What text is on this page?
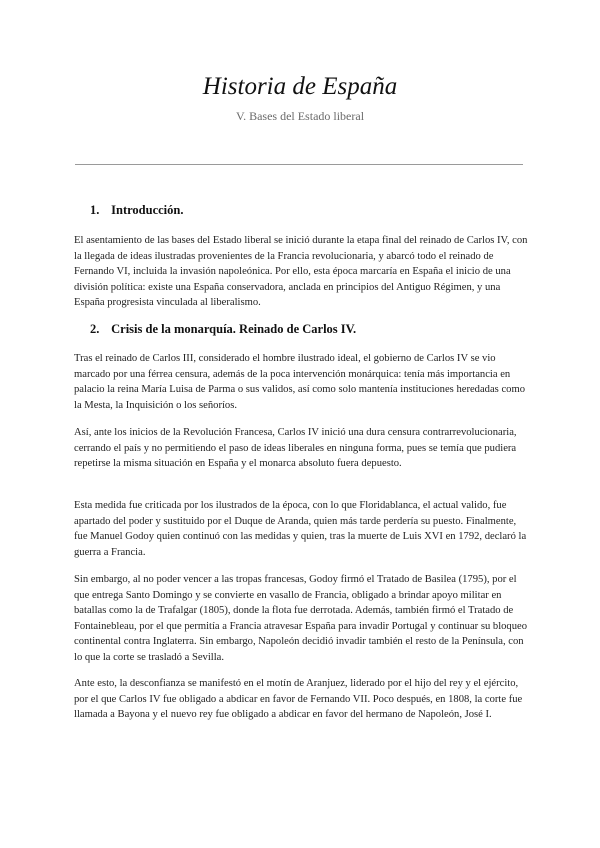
Historia de España
V. Bases del Estado liberal
1. Introducción.
El asentamiento de las bases del Estado liberal se inició durante la etapa final del reinado de Carlos IV, con la llegada de ideas ilustradas provenientes de la Francia revolucionaria, y abarcó todo el reinado de Fernando VI, incluida la invasión napoleónica. Por ello, esta época marcaría en España el inicio de una división política: existe una España conservadora, anclada en principios del Antiguo Régimen, y una España progresista vinculada al liberalismo.
2. Crisis de la monarquía. Reinado de Carlos IV.
Tras el reinado de Carlos III, considerado el hombre ilustrado ideal, el gobierno de Carlos IV se vio marcado por una férrea censura, además de la poca intervención monárquica: tenía más importancia en palacio la reina María Luisa de Parma o sus validos, así como solo mantenía instituciones heredadas como la Mesta, la Inquisición o los señoríos.
Así, ante los inicios de la Revolución Francesa, Carlos IV inició una dura censura contrarrevolucionaria, cerrando el país y no permitiendo el paso de ideas liberales en ninguna forma, pues se temía que pudiera repetirse la misma situación en España y el monarca absoluto fuera depuesto.
Esta medida fue criticada por los ilustrados de la época, con lo que Floridablanca, el actual valido, fue apartado del poder y sustituido por el Duque de Aranda, quien más tarde perdería su puesto. Finalmente, fue Manuel Godoy quien continuó con las medidas y quien, tras la muerte de Luis XVI en 1792, declaró la guerra a Francia.
Sin embargo, al no poder vencer a las tropas francesas, Godoy firmó el Tratado de Basilea (1795), por el que entrega Santo Domingo y se convierte en vasallo de Francia, obligado a brindar apoyo militar en batallas como la de Trafalgar (1805), donde la flota fue derrotada. Además, también firmó el Tratado de Fontainebleau, por el que permitía a Francia atravesar España para invadir Portugal y continuar su bloqueo continental contra Inglaterra. Sin embargo, Napoleón decidió invadir también el resto de la Península, con lo que la corte se trasladó a Sevilla.
Ante esto, la desconfianza se manifestó en el motín de Aranjuez, liderado por el hijo del rey y el ejército, por el que Carlos IV fue obligado a abdicar en favor de Fernando VII. Poco después, en 1808, la corte fue llamada a Bayona y el nuevo rey fue obligado a abdicar en favor del hermano de Napoleón, José I.
